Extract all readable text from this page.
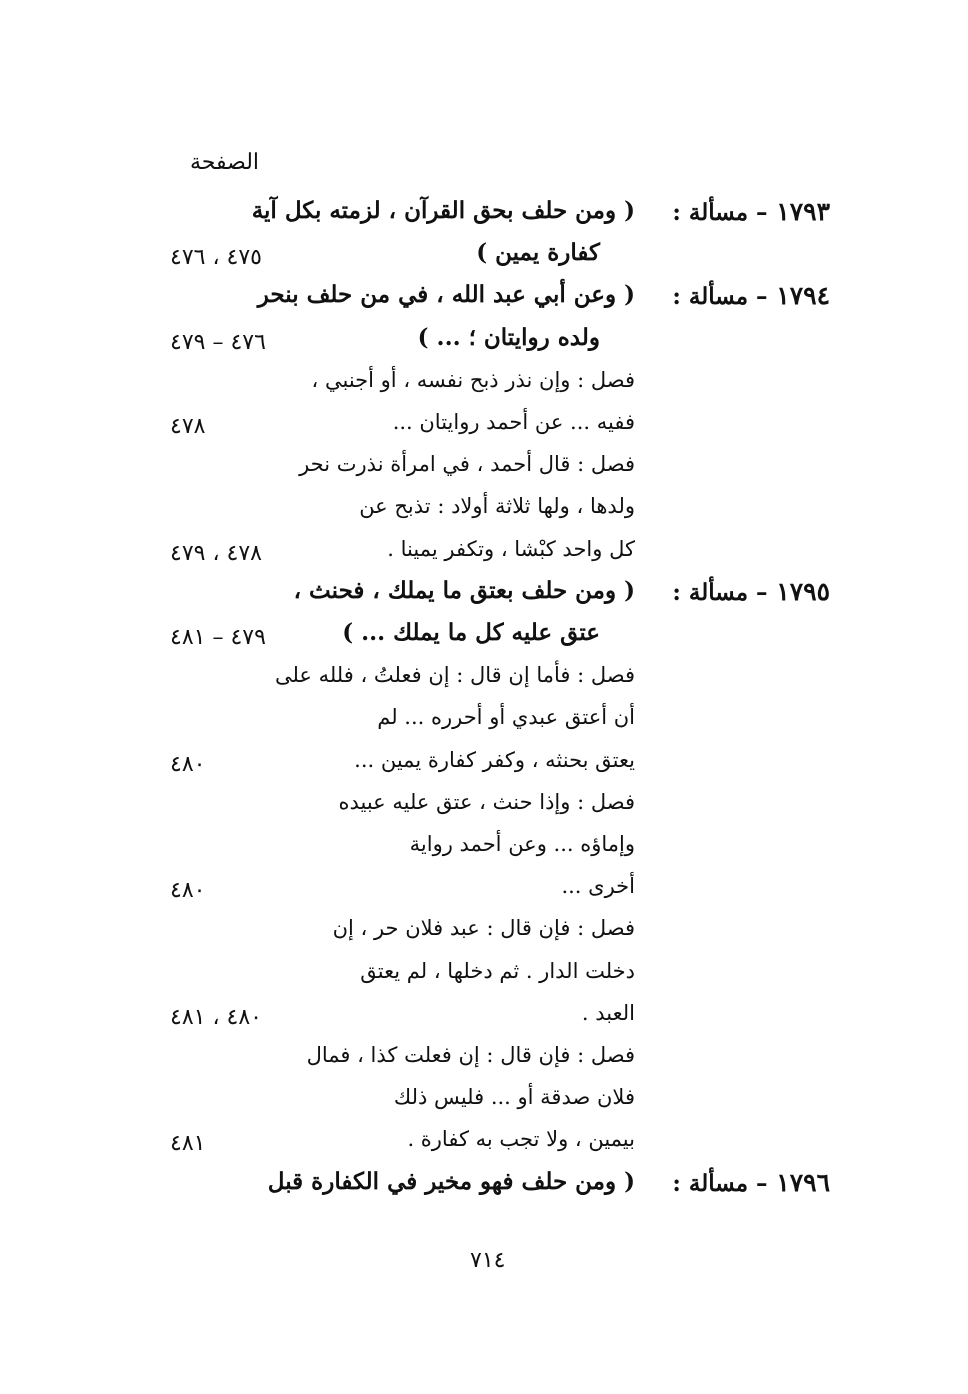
الصفحة
١٧٩٣ – مسألة :
( ومن حلف بحق القرآن ، لزمته بكل آية
كفارة يمين )
٤٧٥ ، ٤٧٦
١٧٩٤ – مسألة :
( وعن أبي عبد الله ، في من حلف بنحر
ولده روايتان ؛ ... )
٤٧٦ – ٤٧٩
فصل : وإن نذر ذبح نفسه ، أو أجنبي ،
ففيه ... عن أحمد روايتان ...
٤٧٨
فصل : قال أحمد ، في امرأة نذرت نحر
ولدها ، ولها ثلاثة أولاد : تذبح عن
كل واحد كبْشا ، وتكفر يمينا .
٤٧٨ ، ٤٧٩
١٧٩٥ – مسألة :
( ومن حلف بعتق ما يملك ، فحنث ،
عتق عليه كل ما يملك ... )
٤٧٩ – ٤٨١
فصل : فأما إن قال : إن فعلتُ ، فلله على
أن أعتق عبدي أو أحرره ... لم
يعتق بحنثه ، وكفر كفارة يمين ...
٤٨٠
فصل : وإذا حنث ، عتق عليه عبيده
وإماؤه ... وعن أحمد رواية
أخرى ...
٤٨٠
فصل : فإن قال : عبد فلان حر ، إن
دخلت الدار . ثم دخلها ، لم يعتق
العبد .
٤٨٠ ، ٤٨١
فصل : فإن قال : إن فعلت كذا ، فمال
فلان صدقة أو ... فليس ذلك
بيمين ، ولا تجب به كفارة .
٤٨١
١٧٩٦ – مسألة :
( ومن حلف فهو مخير في الكفارة قبل
٧١٤
